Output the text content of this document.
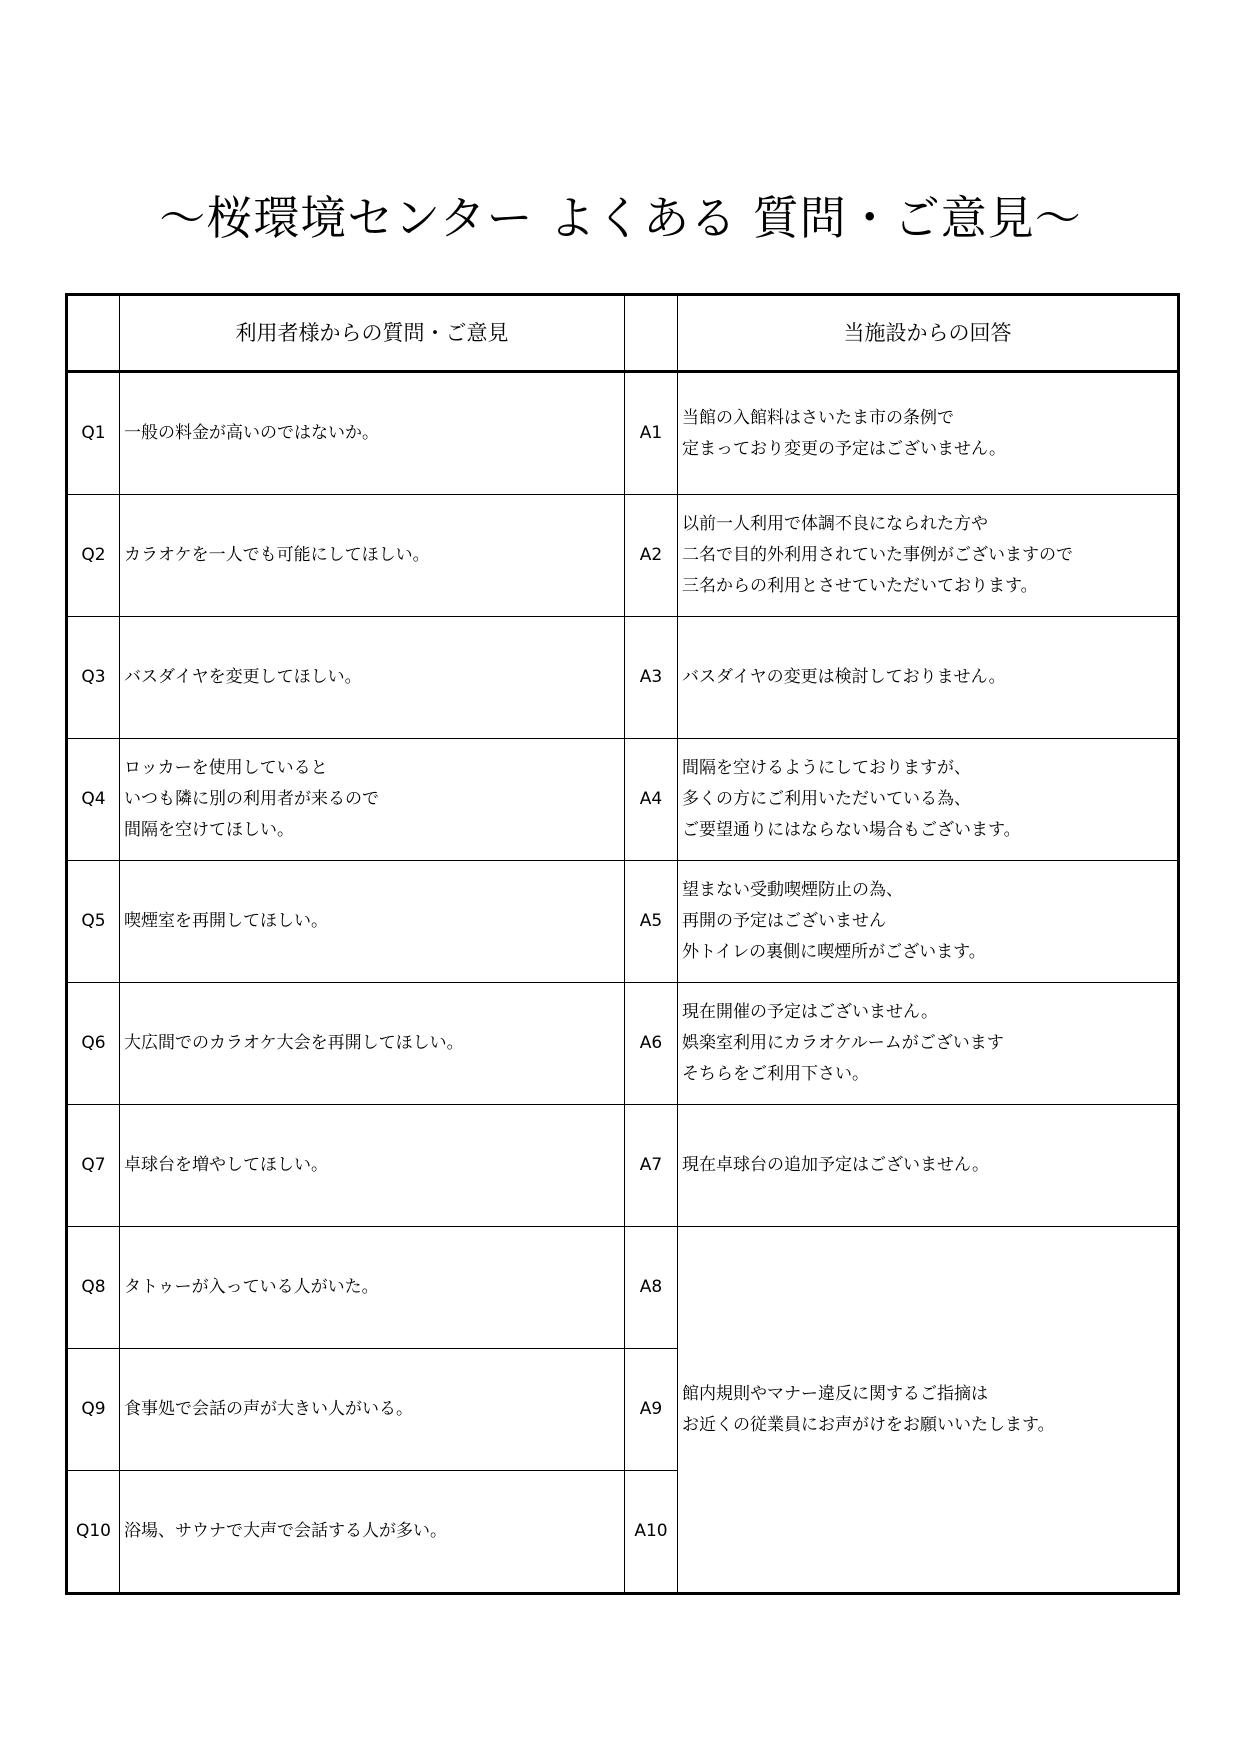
～桜環境センター よくある 質問・ご意見～
	利用者様からの質問・ご意見		当施設からの回答
Q1	一般の料金が高いのではないか。	A1	当館の入館料はさいたま市の条例で
定まっており変更の予定はございません。

Q2	カラオケを一人でも可能にしてほしい。	A2	以前一人利用で体調不良になられた方や
二名で目的外利用されていた事例がございますので
三名からの利用とさせていただいております。

Q3	バスダイヤを変更してほしい。	A3	バスダイヤの変更は検討しておりません。

Q4	ロッカーを使用していると
いつも隣に別の利用者が来るので
間隔を空けてほしい。	A4	間隔を空けるようにしておりますが、
多くの方にご利用いただいている為、
ご要望通りにはならない場合もございます。

Q5	喫煙室を再開してほしい。	A5	望まない受動喫煙防止の為、
再開の予定はございません
外トイレの裏側に喫煙所がございます。

Q6	大広間でのカラオケ大会を再開してほしい。	A6	現在開催の予定はございません。
娯楽室利用にカラオケルームがございます
そちらをご利用下さい。

Q7	卓球台を増やしてほしい。	A7	現在卓球台の追加予定はございません。

Q8	タトゥーが入っている人がいた。	A8	館内規則やマナー違反に関するご指摘は
お近くの従業員にお声がけをお願いいたします。

Q9	食事処で会話の声が大きい人がいる。	A9	
Q10	浴場、サウナで大声で会話する人が多い。	A10	
